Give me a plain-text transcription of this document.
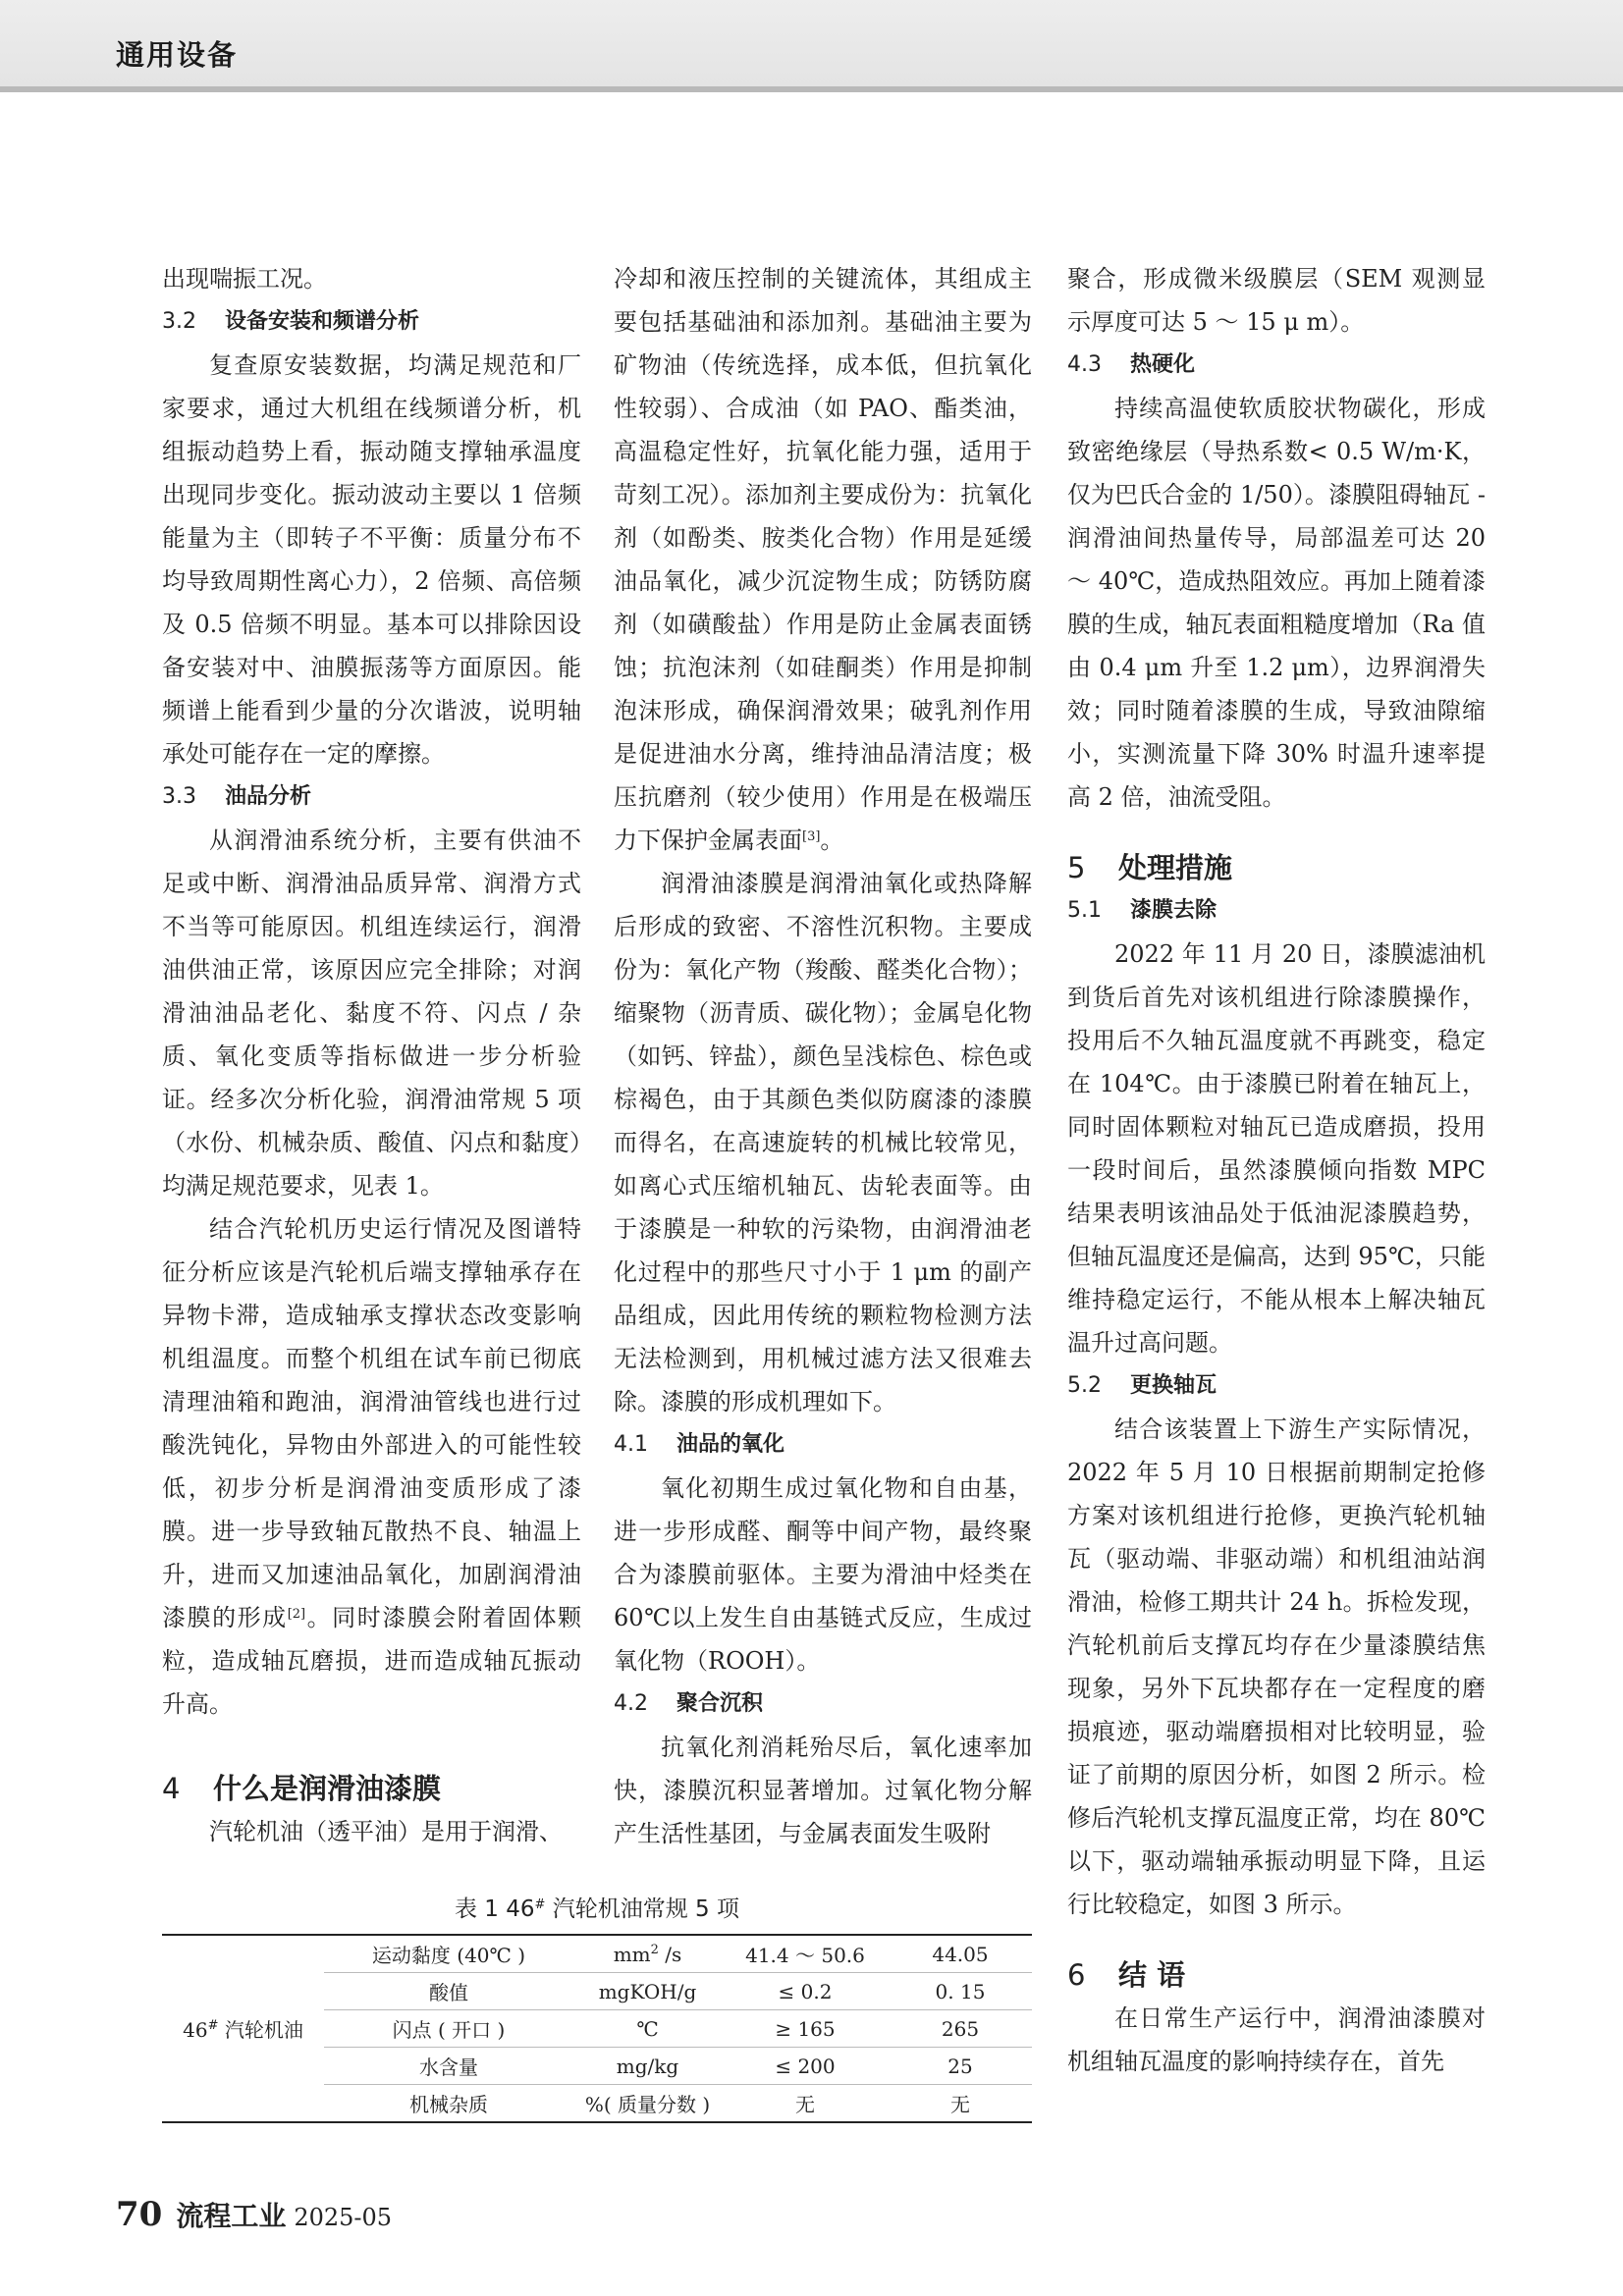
通用设备

出现喘振工况。

3.2 设备安装和频谱分析

复查原安装数据，均满足规范和厂家要求，通过大机组在线频谱分析，机组振动趋势上看，振动随支撑轴承温度出现同步变化。振动波动主要以 1 倍频能量为主（即转子不平衡：质量分布不均导致周期性离心力），2 倍频、高倍频及 0.5 倍频不明显。基本可以排除因设备安装对中、油膜振荡等方面原因。能频谱上能看到少量的分次谐波，说明轴承处可能存在一定的摩擦。

3.3 油品分析

从润滑油系统分析，主要有供油不足或中断、润滑油品质异常、润滑方式不当等可能原因。机组连续运行，润滑油供油正常，该原因应完全排除；对润滑油油品老化、黏度不符、闪点 / 杂质、氧化变质等指标做进一步分析验证。经多次分析化验，润滑油常规 5 项（水份、机械杂质、酸值、闪点和黏度）均满足规范要求，见表 1。

结合汽轮机历史运行情况及图谱特征分析应该是汽轮机后端支撑轴承存在异物卡滞，造成轴承支撑状态改变影响机组温度。而整个机组在试车前已彻底清理油箱和跑油，润滑油管线也进行过酸洗钝化，异物由外部进入的可能性较低，初步分析是润滑油变质形成了漆膜。进一步导致轴瓦散热不良、轴温上升，进而又加速油品氧化，加剧润滑油漆膜的形成[2]。同时漆膜会附着固体颗粒，造成轴瓦磨损，进而造成轴瓦振动升高。

4 什么是润滑油漆膜

汽轮机油（透平油）是用于润滑、

冷却和液压控制的关键流体，其组成主要包括基础油和添加剂。基础油主要为矿物油（传统选择，成本低，但抗氧化性较弱）、合成油（如 PAO、酯类油，高温稳定性好，抗氧化能力强，适用于苛刻工况）。添加剂主要成份为：抗氧化剂（如酚类、胺类化合物）作用是延缓油品氧化，减少沉淀物生成；防锈防腐剂（如磺酸盐）作用是防止金属表面锈蚀；抗泡沫剂（如硅酮类）作用是抑制泡沫形成，确保润滑效果；破乳剂作用是促进油水分离，维持油品清洁度；极压抗磨剂（较少使用）作用是在极端压力下保护金属表面[3]。

润滑油漆膜是润滑油氧化或热降解后形成的致密、不溶性沉积物。主要成份为：氧化产物（羧酸、醛类化合物）；缩聚物（沥青质、碳化物）；金属皂化物（如钙、锌盐），颜色呈浅棕色、棕色或棕褐色，由于其颜色类似防腐漆的漆膜而得名，在高速旋转的机械比较常见，如离心式压缩机轴瓦、齿轮表面等。由于漆膜是一种软的污染物，由润滑油老化过程中的那些尺寸小于 1 μm 的副产品组成，因此用传统的颗粒物检测方法无法检测到，用机械过滤方法又很难去除。漆膜的形成机理如下。

4.1 油品的氧化

氧化初期生成过氧化物和自由基，进一步形成醛、酮等中间产物，最终聚合为漆膜前驱体。主要为滑油中烃类在 60℃以上发生自由基链式反应，生成过氧化物（ROOH）。

4.2 聚合沉积

抗氧化剂消耗殆尽后，氧化速率加快，漆膜沉积显著增加。过氧化物分解产生活性基团，与金属表面发生吸附

聚合，形成微米级膜层（SEM 观测显示厚度可达 5 ～ 15 μ m）。

4.3 热硬化

持续高温使软质胶状物碳化，形成致密绝缘层（导热系数< 0.5 W/m·K，仅为巴氏合金的 1/50）。漆膜阻碍轴瓦 - 润滑油间热量传导，局部温差可达 20 ～ 40℃，造成热阻效应。再加上随着漆膜的生成，轴瓦表面粗糙度增加（Ra 值由 0.4 μm 升至 1.2 μm），边界润滑失效；同时随着漆膜的生成，导致油隙缩小，实测流量下降 30% 时温升速率提高 2 倍，油流受阻。

5 处理措施
5.1 漆膜去除

2022 年 11 月 20 日，漆膜滤油机到货后首先对该机组进行除漆膜操作，投用后不久轴瓦温度就不再跳变，稳定在 104℃。由于漆膜已附着在轴瓦上，同时固体颗粒对轴瓦已造成磨损，投用一段时间后，虽然漆膜倾向指数 MPC 结果表明该油品处于低油泥漆膜趋势，但轴瓦温度还是偏高，达到 95℃，只能维持稳定运行，不能从根本上解决轴瓦温升过高问题。

5.2 更换轴瓦

结合该装置上下游生产实际情况，2022 年 5 月 10 日根据前期制定抢修方案对该机组进行抢修，更换汽轮机轴瓦（驱动端、非驱动端）和机组油站润滑油，检修工期共计 24 h。拆检发现，汽轮机前后支撑瓦均存在少量漆膜结焦现象，另外下瓦块都存在一定程度的磨损痕迹，驱动端磨损相对比较明显，验证了前期的原因分析，如图 2 所示。检修后汽轮机支撑瓦温度正常，均在 80℃以下，驱动端轴承振动明显下降，且运行比较稳定，如图 3 所示。

6 结 语

在日常生产运行中，润滑油漆膜对机组轴瓦温度的影响持续存在，首先

表 1 46# 汽轮机油常规 5 项
46# 汽轮机油	运动黏度 (40℃ )	$mm^2$ /s	41.4 ～ 50.6	44.05
	酸值	mgKOH/g	≤ 0.2	0. 15
	闪点 ( 开口 )	℃	≥ 165	265
	水含量	mg/kg	≤ 200	25
	机械杂质	%( 质量分数 )	无	无
70 流程工业 2025-05
